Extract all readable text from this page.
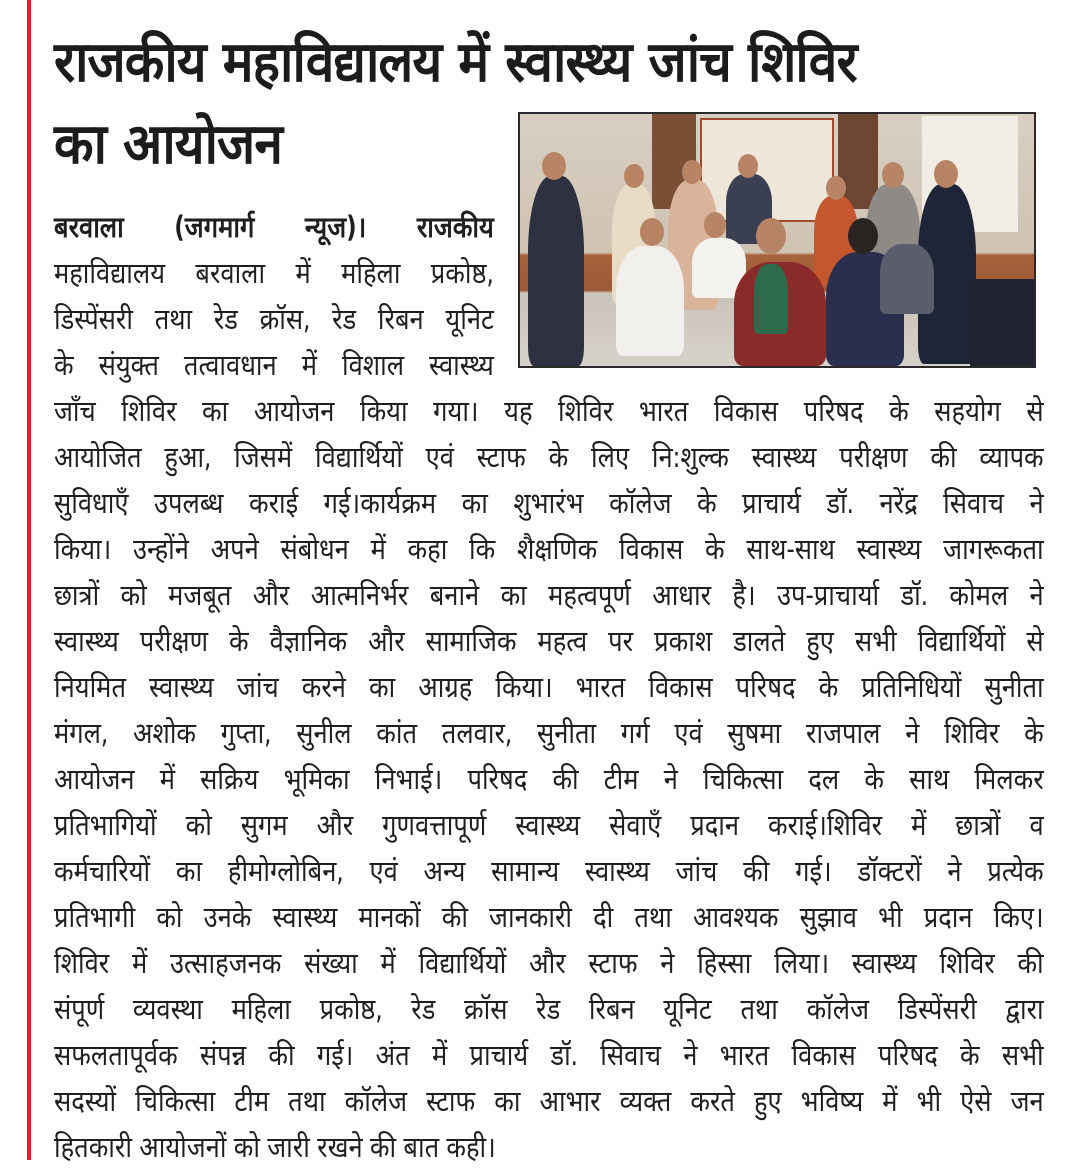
राजकीय महाविद्यालय में स्वास्थ्य जांच शिविर
का आयोजन

बरवाला (जगमार्ग न्यूज)। राजकीय
महाविद्यालय बरवाला में महिला प्रकोष्ठ,
डिस्पेंसरी तथा रेड क्रॉस, रेड रिबन यूनिट
के संयुक्त तत्वावधान में विशाल स्वास्थ्य

जाँच शिविर का आयोजन किया गया। यह शिविर भारत विकास परिषद के सहयोग से
आयोजित हुआ, जिसमें विद्यार्थियों एवं स्टाफ के लिए नि:शुल्क स्वास्थ्य परीक्षण की व्यापक
सुविधाएँ उपलब्ध कराई गई।कार्यक्रम का शुभारंभ कॉलेज के प्राचार्य डॉ. नरेंद्र सिवाच ने
किया। उन्होंने अपने संबोधन में कहा कि शैक्षणिक विकास के साथ-साथ स्वास्थ्य जागरूकता
छात्रों को मजबूत और आत्मनिर्भर बनाने का महत्वपूर्ण आधार है। उप-प्राचार्या डॉ. कोमल ने
स्वास्थ्य परीक्षण के वैज्ञानिक और सामाजिक महत्व पर प्रकाश डालते हुए सभी विद्यार्थियों से
नियमित स्वास्थ्य जांच करने का आग्रह किया। भारत विकास परिषद के प्रतिनिधियों सुनीता
मंगल, अशोक गुप्ता, सुनील कांत तलवार, सुनीता गर्ग एवं सुषमा राजपाल ने शिविर के
आयोजन में सक्रिय भूमिका निभाई। परिषद की टीम ने चिकित्सा दल के साथ मिलकर
प्रतिभागियों को सुगम और गुणवत्तापूर्ण स्वास्थ्य सेवाएँ प्रदान कराई।शिविर में छात्रों व
कर्मचारियों का हीमोग्लोबिन, एवं अन्य सामान्य स्वास्थ्य जांच की गई। डॉक्टरों ने प्रत्येक
प्रतिभागी को उनके स्वास्थ्य मानकों की जानकारी दी तथा आवश्यक सुझाव भी प्रदान किए।
शिविर में उत्साहजनक संख्या में विद्यार्थियों और स्टाफ ने हिस्सा लिया। स्वास्थ्य शिविर की
संपूर्ण व्यवस्था महिला प्रकोष्ठ, रेड क्रॉस रेड रिबन यूनिट तथा कॉलेज डिस्पेंसरी द्वारा
सफलतापूर्वक संपन्न की गई। अंत में प्राचार्य डॉ. सिवाच ने भारत विकास परिषद के सभी
सदस्यों चिकित्सा टीम तथा कॉलेज स्टाफ का आभार व्यक्त करते हुए भविष्य में भी ऐसे जन
हितकारी आयोजनों को जारी रखने की बात कही।
